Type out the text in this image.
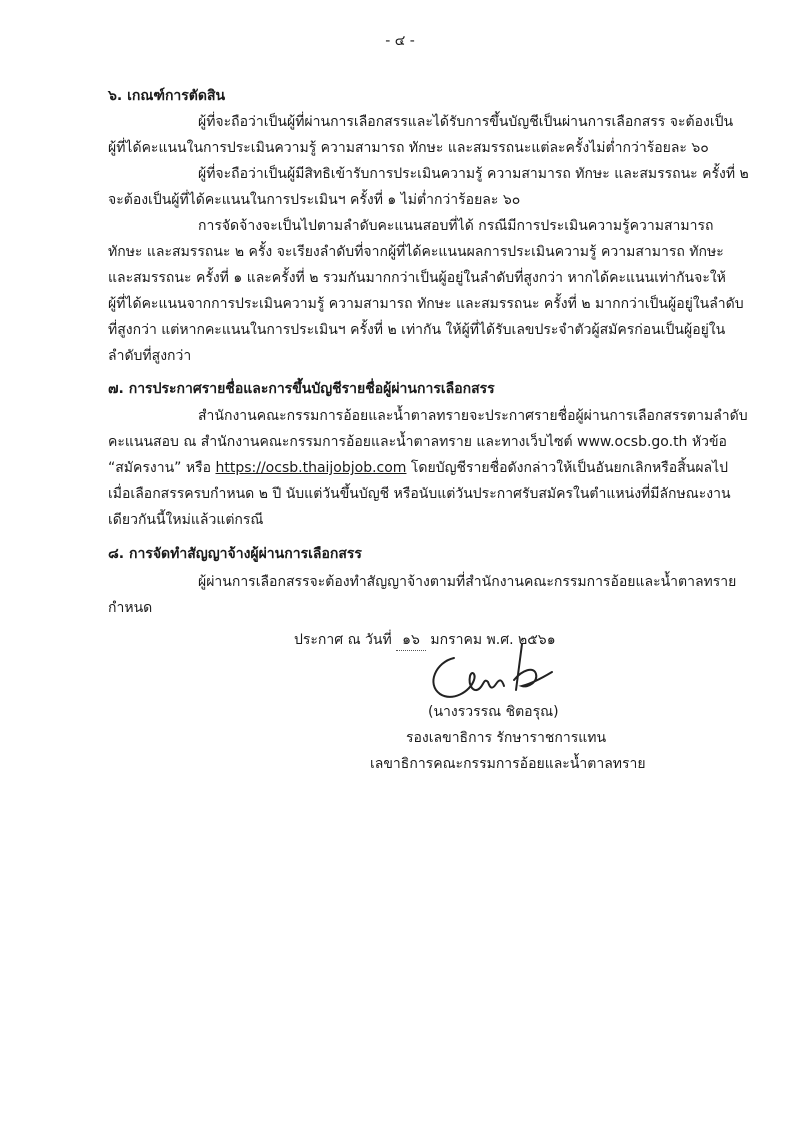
- ๔ -
๖. เกณฑ์การตัดสิน
ผู้ที่จะถือว่าเป็นผู้ที่ผ่านการเลือกสรรและได้รับการขึ้นบัญชีเป็นผ่านการเลือกสรร จะต้องเป็น
ผู้ที่ได้คะแนนในการประเมินความรู้ ความสามารถ ทักษะ และสมรรถนะแต่ละครั้งไม่ต่ำกว่าร้อยละ ๖๐
ผู้ที่จะถือว่าเป็นผู้มีสิทธิเข้ารับการประเมินความรู้ ความสามารถ ทักษะ และสมรรถนะ ครั้งที่ ๒
จะต้องเป็นผู้ที่ได้คะแนนในการประเมินฯ ครั้งที่ ๑ ไม่ต่ำกว่าร้อยละ ๖๐
การจัดจ้างจะเป็นไปตามลำดับคะแนนสอบที่ได้ กรณีมีการประเมินความรู้ความสามารถ
ทักษะ และสมรรถนะ ๒ ครั้ง จะเรียงลำดับที่จากผู้ที่ได้คะแนนผลการประเมินความรู้ ความสามารถ ทักษะ
และสมรรถนะ ครั้งที่ ๑ และครั้งที่ ๒ รวมกันมากกว่าเป็นผู้อยู่ในลำดับที่สูงกว่า หากได้คะแนนเท่ากันจะให้
ผู้ที่ได้คะแนนจากการประเมินความรู้ ความสามารถ ทักษะ และสมรรถนะ ครั้งที่ ๒ มากกว่าเป็นผู้อยู่ในลำดับ
ที่สูงกว่า แต่หากคะแนนในการประเมินฯ ครั้งที่ ๒ เท่ากัน ให้ผู้ที่ได้รับเลขประจำตัวผู้สมัครก่อนเป็นผู้อยู่ใน
ลำดับที่สูงกว่า
๗. การประกาศรายชื่อและการขึ้นบัญชีรายชื่อผู้ผ่านการเลือกสรร
สำนักงานคณะกรรมการอ้อยและน้ำตาลทรายจะประกาศรายชื่อผู้ผ่านการเลือกสรรตามลำดับ
คะแนนสอบ ณ สำนักงานคณะกรรมการอ้อยและน้ำตาลทราย และทางเว็บไซต์ www.ocsb.go.th หัวข้อ
“สมัครงาน” หรือ https://ocsb.thaijobjob.com โดยบัญชีรายชื่อดังกล่าวให้เป็นอันยกเลิกหรือสิ้นผลไป
เมื่อเลือกสรรครบกำหนด ๒ ปี นับแต่วันขึ้นบัญชี หรือนับแต่วันประกาศรับสมัครในตำแหน่งที่มีลักษณะงาน
เดียวกันนี้ใหม่แล้วแต่กรณี
๘. การจัดทำสัญญาจ้างผู้ผ่านการเลือกสรร
ผู้ผ่านการเลือกสรรจะต้องทำสัญญาจ้างตามที่สำนักงานคณะกรรมการอ้อยและน้ำตาลทราย
กำหนด
ประกาศ ณ วันที่ ๑๖ มกราคม พ.ศ. ๒๕๖๑
(นางรวรรณ ชิตอรุณ)
รองเลขาธิการ รักษาราชการแทน
เลขาธิการคณะกรรมการอ้อยและน้ำตาลทราย
